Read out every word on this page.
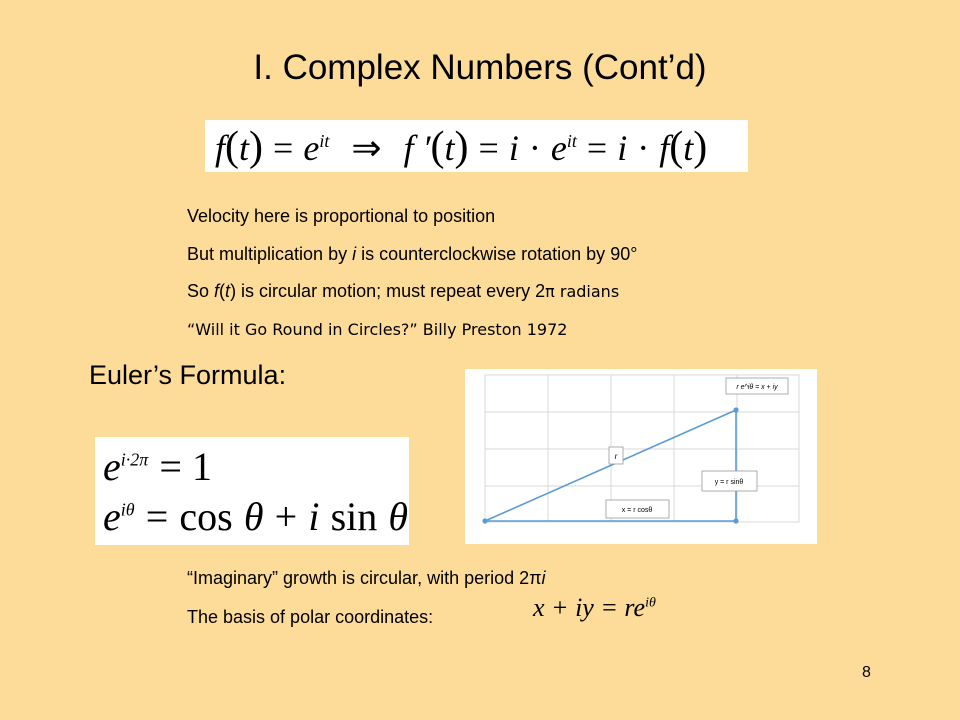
I. Complex Numbers (Cont’d)
$f(t) = e^{it}$ ⇒ f $'(t) = i \cdot e^{it} = i \cdot f(t)$
Velocity here is proportional to position
But multiplication by i is counterclockwise rotation by 90°
So f(t) is circular motion; must repeat every 2π radians
“Will it Go Round in Circles?” Billy Preston 1972
Euler’s Formula:
$e^{i\cdot 2\pi} = 1$
$e^{i\theta} = \cos \theta + i$ sin θ
r
r e^iθ = x + iy
y = r sinθ
x = r cosθ
“Imaginary” growth is circular, with period 2πi
The basis of polar coordinates:	x + iy = $re^{i\theta}$
8
